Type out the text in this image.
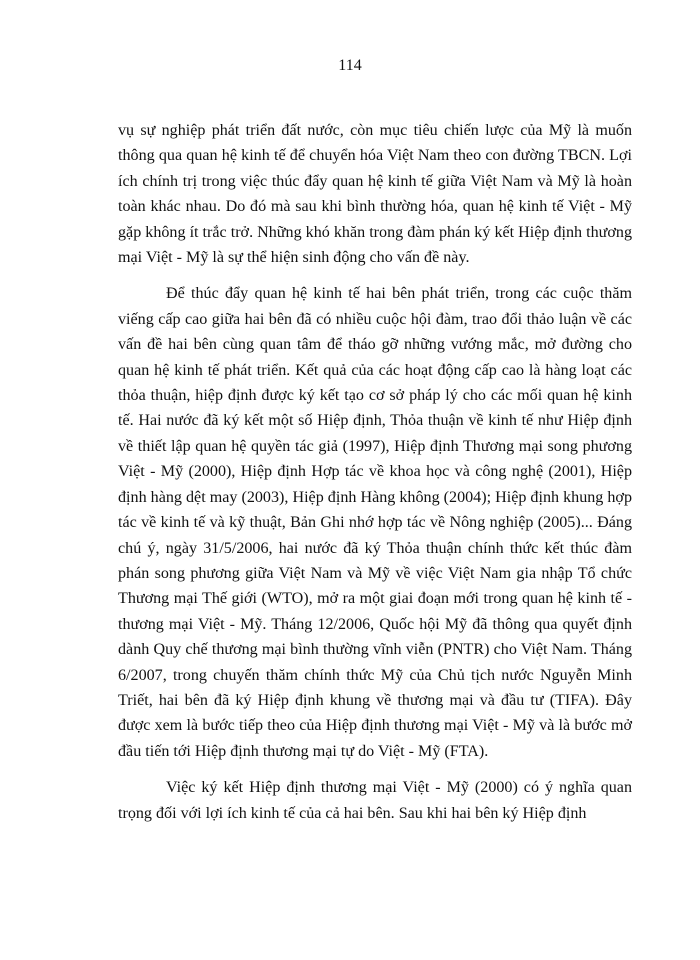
114

vụ sự nghiệp phát triển đất nước, còn mục tiêu chiến lược của Mỹ là muốn thông qua quan hệ kinh tế để chuyển hóa Việt Nam theo con đường TBCN. Lợi ích chính trị trong việc thúc đẩy quan hệ kinh tế giữa Việt Nam và Mỹ là hoàn toàn khác nhau. Do đó mà sau khi bình thường hóa, quan hệ kinh tế Việt - Mỹ gặp không ít trắc trở. Những khó khăn trong đàm phán ký kết Hiệp định thương mại Việt - Mỹ là sự thể hiện sinh động cho vấn đề này.

Để thúc đẩy quan hệ kinh tế hai bên phát triển, trong các cuộc thăm viếng cấp cao giữa hai bên đã có nhiều cuộc hội đàm, trao đổi thảo luận về các vấn đề hai bên cùng quan tâm để tháo gỡ những vướng mắc, mở đường cho quan hệ kinh tế phát triển. Kết quả của các hoạt động cấp cao là hàng loạt các thỏa thuận, hiệp định được ký kết tạo cơ sở pháp lý cho các mối quan hệ kinh tế. Hai nước đã ký kết một số Hiệp định, Thỏa thuận về kinh tế như Hiệp định về thiết lập quan hệ quyền tác giả (1997), Hiệp định Thương mại song phương Việt - Mỹ (2000), Hiệp định Hợp tác về khoa học và công nghệ (2001), Hiệp định hàng dệt may (2003), Hiệp định Hàng không (2004); Hiệp định khung hợp tác về kinh tế và kỹ thuật, Bản Ghi nhớ hợp tác về Nông nghiệp (2005)... Đáng chú ý, ngày 31/5/2006, hai nước đã ký Thỏa thuận chính thức kết thúc đàm phán song phương giữa Việt Nam và Mỹ về việc Việt Nam gia nhập Tổ chức Thương mại Thế giới (WTO), mở ra một giai đoạn mới trong quan hệ kinh tế - thương mại Việt - Mỹ. Tháng 12/2006, Quốc hội Mỹ đã thông qua quyết định dành Quy chế thương mại bình thường vĩnh viễn (PNTR) cho Việt Nam. Tháng 6/2007, trong chuyến thăm chính thức Mỹ của Chủ tịch nước Nguyễn Minh Triết, hai bên đã ký Hiệp định khung về thương mại và đầu tư (TIFA). Đây được xem là bước tiếp theo của Hiệp định thương mại Việt - Mỹ và là bước mở đầu tiến tới Hiệp định thương mại tự do Việt - Mỹ (FTA).

Việc ký kết Hiệp định thương mại Việt - Mỹ (2000) có ý nghĩa quan trọng đối với lợi ích kinh tế của cả hai bên. Sau khi hai bên ký Hiệp định
